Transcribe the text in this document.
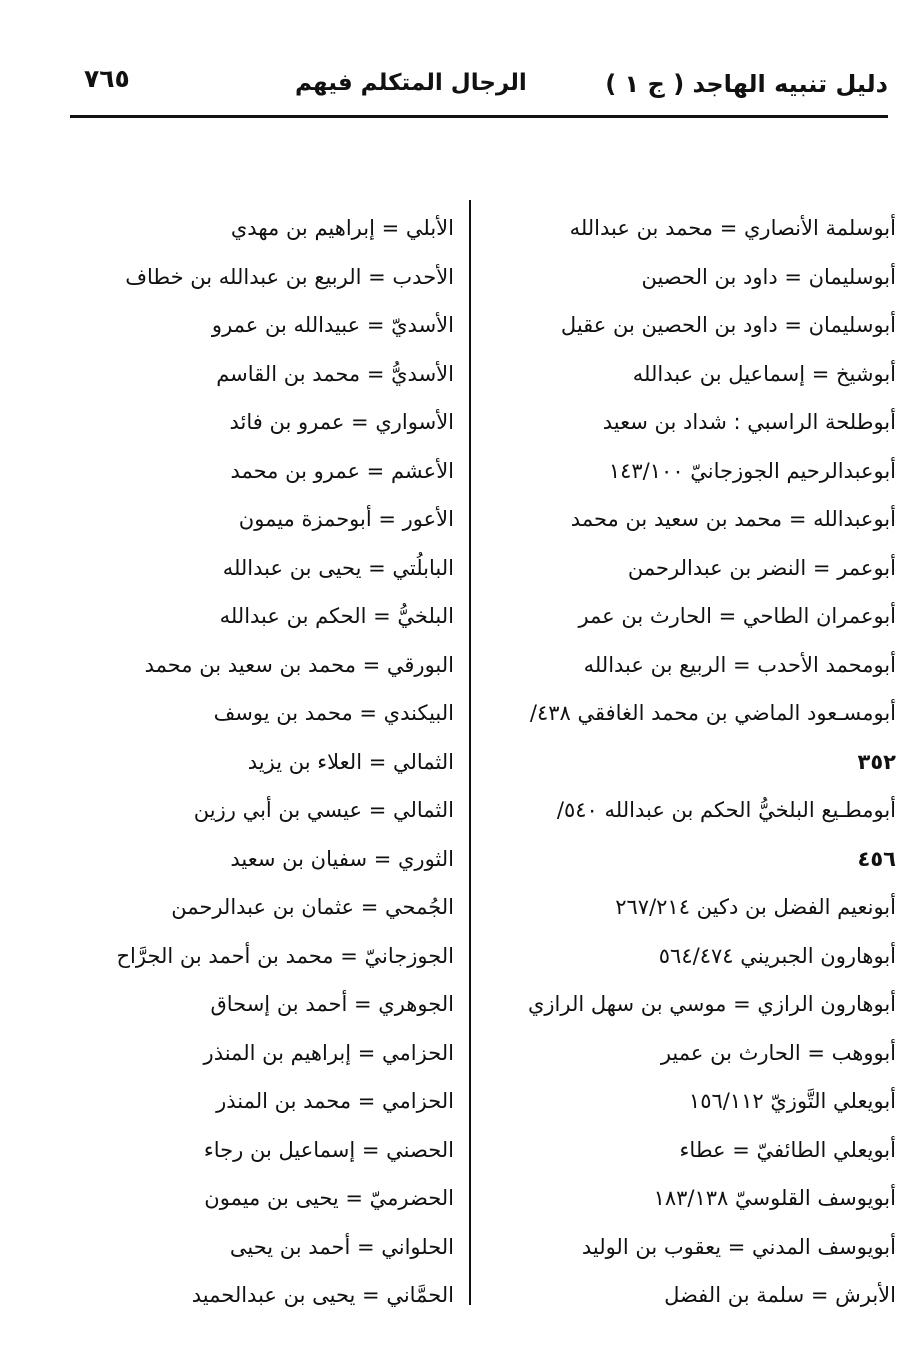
دليل تنبيه الهاجد ( ج ١ )
الرجال المتكلم فيهم
٧٦٥
أبوسلمة الأنصاري = محمد بن عبدالله
أبوسليمان = داود بن الحصين
أبوسليمان = داود بن الحصين بن عقيل
أبوشيخ = إسماعيل بن عبدالله
أبوطلحة الراسبي : شداد بن سعيد
أبوعبدالرحيم الجوزجانيّ ١٤٣/١٠٠
أبوعبدالله = محمد بن سعيد بن محمد
أبوعمر = النضر بن عبدالرحمن
أبوعمران الطاحي = الحارث بن عمر
أبومحمد الأحدب = الربيع بن عبدالله
أبومسـعود الماضي بن محمد الغافقي ٤٣٨/
٣٥٢
أبومطـيع البلخيُّ الحكم بن عبدالله ٥٤٠/
٤٥٦
أبونعيم الفضل بن دكين ٢٦٧/٢١٤
أبوهارون الجبريني ٥٦٤/٤٧٤
أبوهارون الرازي = موسي بن سهل الرازي
أبووهب = الحارث بن عمير
أبويعلي التَّوزيّ ١٥٦/١١٢
أبويعلي الطائفيّ = عطاء
أبويوسف القلوسيّ ١٨٣/١٣٨
أبويوسف المدني = يعقوب بن الوليد
الأبرش = سلمة بن الفضل
الأبلي = إبراهيم بن مهدي
الأحدب = الربيع بن عبدالله بن خطاف
الأسديّ = عبيدالله بن عمرو
الأسديُّ = محمد بن القاسم
الأسواري = عمرو بن فائد
الأعشم = عمرو بن محمد
الأعور = أبوحمزة ميمون
البابلُتي = يحيى بن عبدالله
البلخيُّ = الحكم بن عبدالله
البورقي = محمد بن سعيد بن محمد
البيكندي = محمد بن يوسف
الثمالي = العلاء بن يزيد
الثمالي = عيسي بن أبي رزين
الثوري = سفيان بن سعيد
الجُمحي = عثمان بن عبدالرحمن
الجوزجانيّ = محمد بن أحمد بن الجرَّاح
الجوهري = أحمد بن إسحاق
الحزامي = إبراهيم بن المنذر
الحزامي = محمد بن المنذر
الحصني = إسماعيل بن رجاء
الحضرميّ = يحيى بن ميمون
الحلواني = أحمد بن يحيى
الحمَّاني = يحيى بن عبدالحميد
